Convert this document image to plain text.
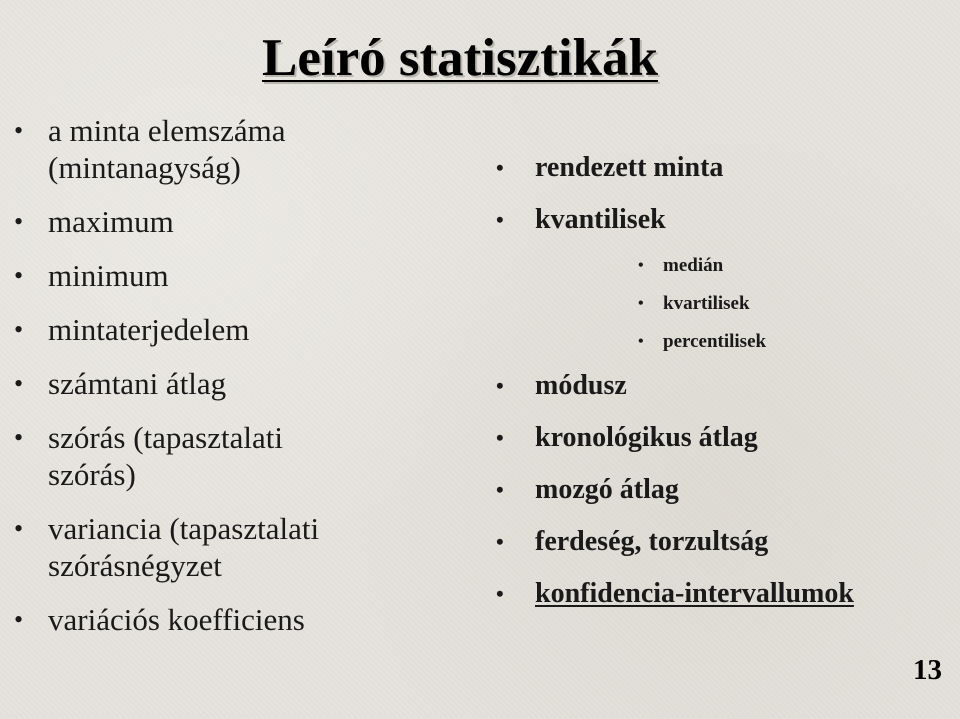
Leíró statisztikák
• a minta elemszáma
(mintanagyság)
• maximum
• minimum
• mintaterjedelem
• számtani átlag
• szórás (tapasztalati
szórás)
• variancia (tapasztalati
szórásnégyzet
• variációs koefficiens
•	rendezett minta
•	kvantilisek
•	medián
•	kvartilisek
•	percentilisek
•	módusz
•	kronológikus átlag
•	mozgó átlag
•	ferdeség, torzultság
•	konfidencia-intervallumok
13
